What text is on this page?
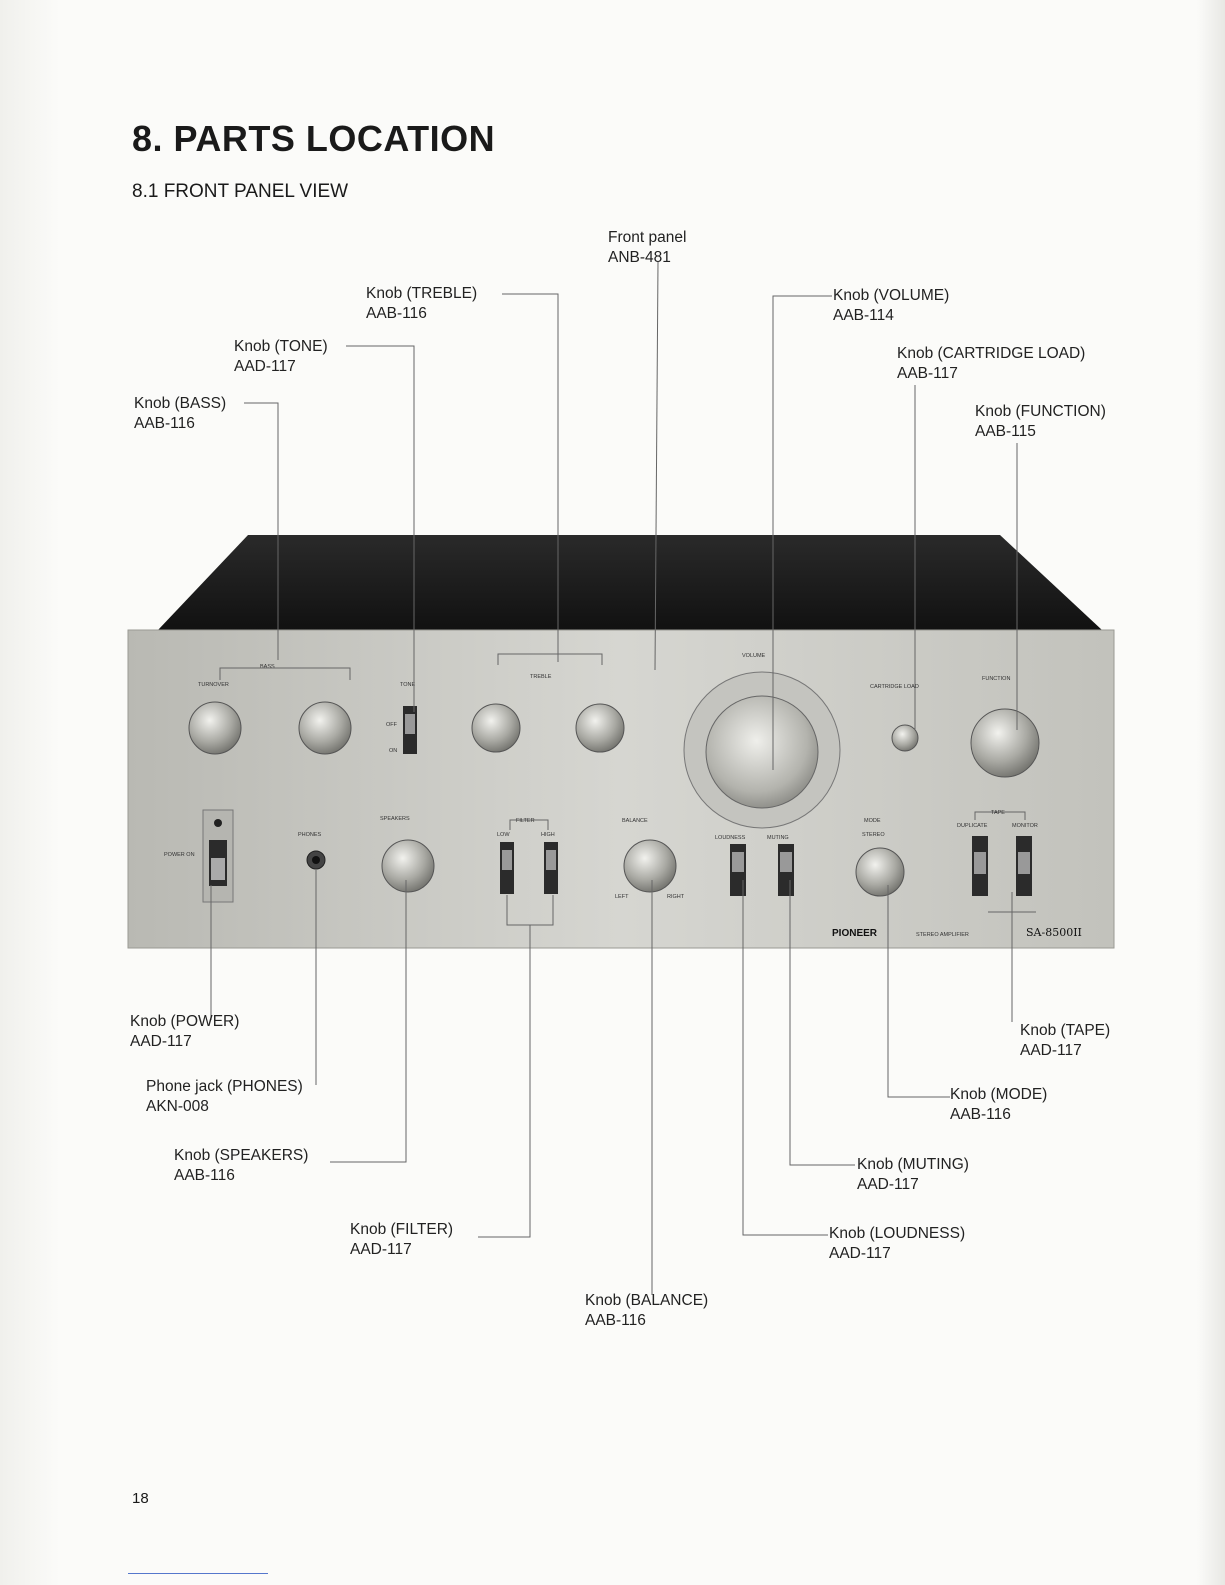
8. PARTS LOCATION
8.1 FRONT PANEL VIEW
BASS
TURNOVER	TONE
OFF
ON
TREBLE
VOLUME
CARTRIDGE LOAD
FUNCTION
POWER ON
PHONES
SPEAKERS	FILTER
LOW	HIGH
BALANCE
LEFT	RIGHT
LOUDNESS	MUTING
MODE
STEREO
TAPE
DUPLICATE	MONITOR
PIONEER	STEREO AMPLIFIER	SA-8500II
Front panel
ANB-481
Knob (TREBLE)
AAB-116
Knob (TONE)
AAD-117
Knob (BASS)
AAB-116
Knob (VOLUME)
AAB-114
Knob (CARTRIDGE LOAD)
AAB-117
Knob (FUNCTION)
AAB-115
Knob (POWER)
AAD-117
Phone jack (PHONES)
AKN-008
Knob (SPEAKERS)
AAB-116
Knob (FILTER)
AAD-117
Knob (BALANCE)
AAB-116
Knob (TAPE)
AAD-117
Knob (MODE)
AAB-116
Knob (MUTING)
AAD-117
Knob (LOUDNESS)
AAD-117
18
